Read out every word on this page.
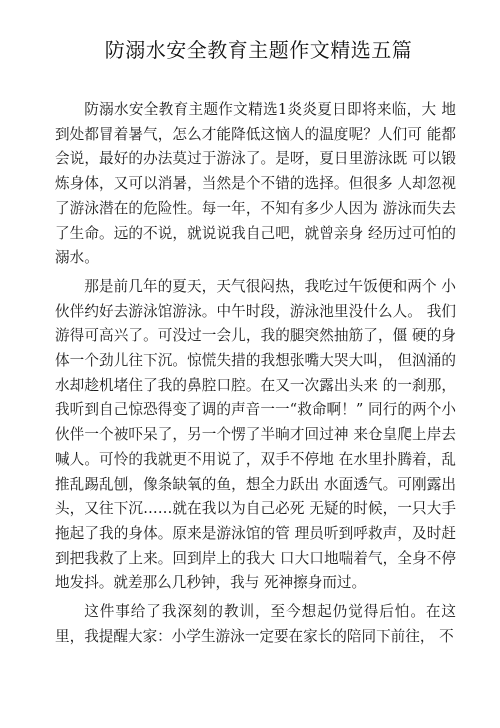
防溺水安全教育主题作文精选五篇

防溺水安全教育主题作文精选1炎炎夏日即将来临，大 地到处都冒着暑气，怎么才能降低这恼人的温度呢？人们可 能都会说，最好的办法莫过于游泳了。是呀，夏日里游泳既 可以锻炼身体，又可以消暑，当然是个不错的选择。但很多 人却忽视了游泳潜在的危险性。每一年，不知有多少人因为 游泳而失去了生命。远的不说，就说说我自己吧，就曾亲身 经历过可怕的溺水。

那是前几年的夏天，天气很闷热，我吃过午饭便和两个 小伙伴约好去游泳馆游泳。中午时段，游泳池里没什么人。 我们游得可高兴了。可没过一会儿，我的腿突然抽筋了，僵 硬的身体一个劲儿往下沉。惊慌失措的我想张嘴大哭大叫， 但汹涌的水却趁机堵住了我的鼻腔口腔。在又一次露出头来 的一刹那，我听到自己惊恐得变了调的声音一一“救命啊！” 同行的两个小伙伴一个被吓呆了，另一个愣了半晌才回过神 来仓皇爬上岸去喊人。可怜的我就更不用说了，双手不停地 在水里扑腾着，乱推乱踢乱刨，像条缺氧的鱼，想全力跃出 水面透气。可刚露出头，又往下沉……就在我以为自己必死 无疑的时候，一只大手拖起了我的身体。原来是游泳馆的管 理员听到呼救声，及时赶到把我救了上来。回到岸上的我大 口大口地喘着气，全身不停地发抖。就差那么几秒钟，我与 死神擦身而过。

这件事给了我深刻的教训，至今想起仍觉得后怕。在这 里，我提醒大家：小学生游泳一定要在家长的陪同下前往， 不
